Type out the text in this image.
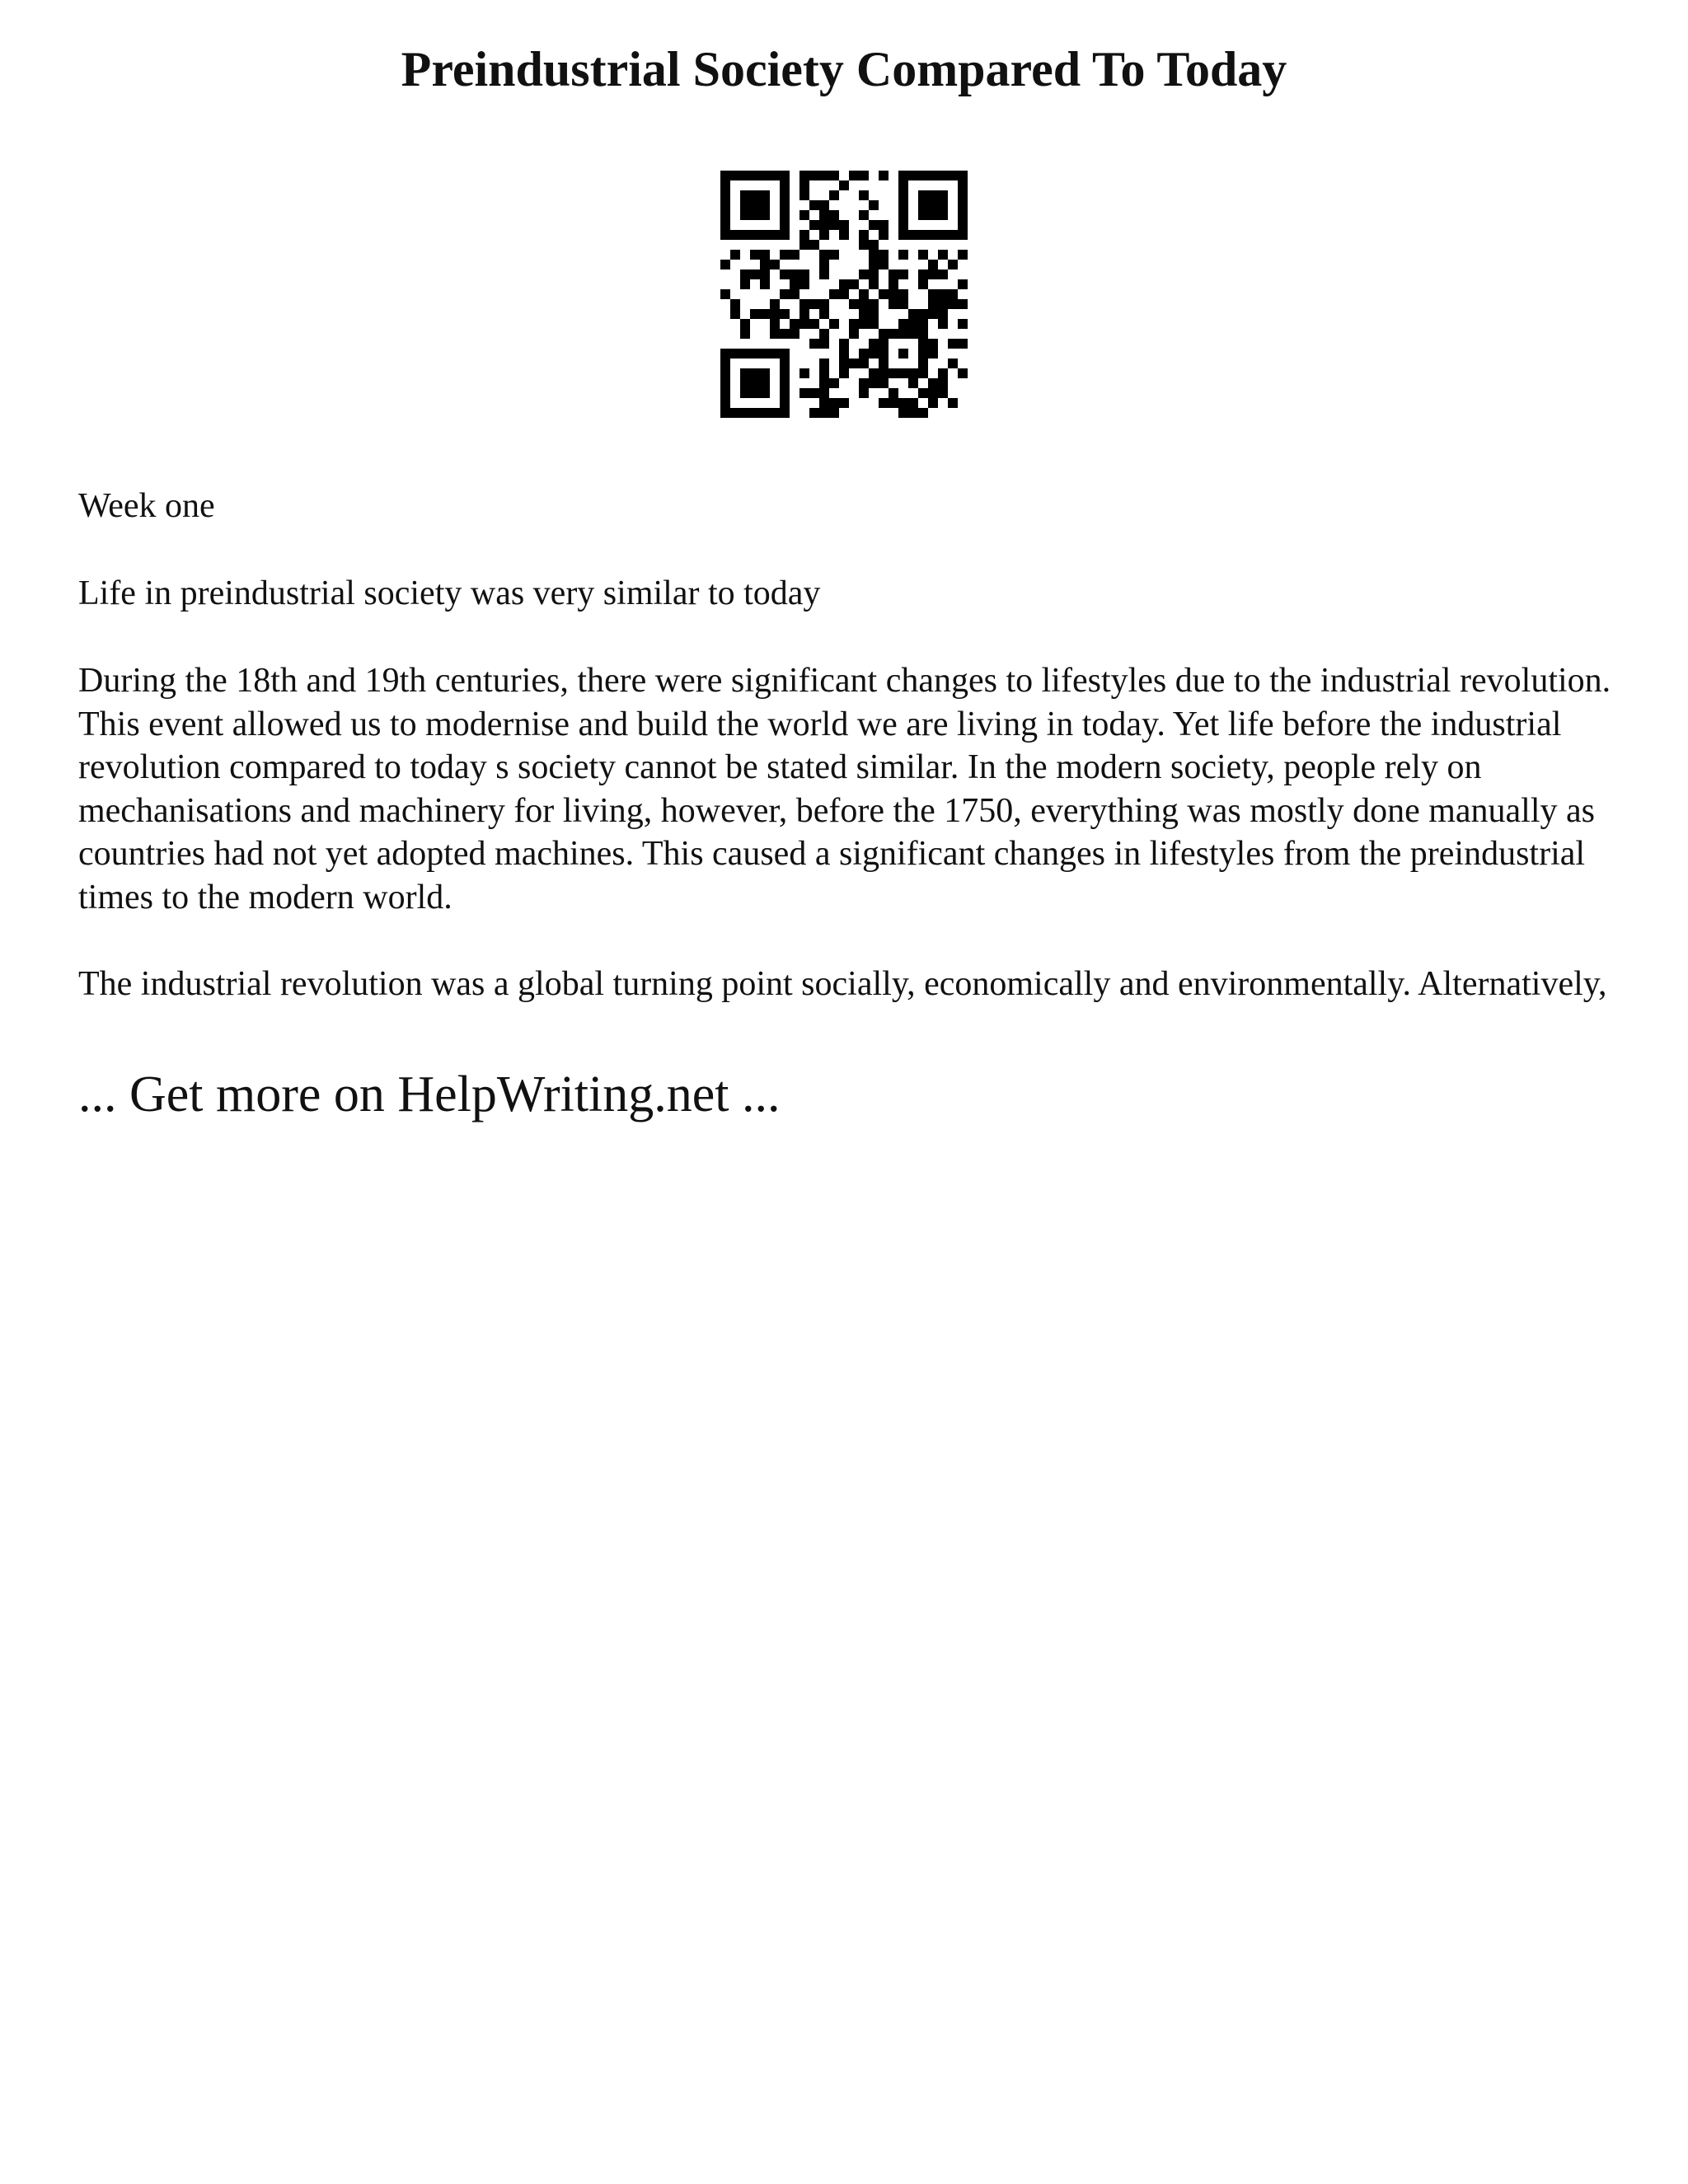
Preindustrial Society Compared To Today

Week one

Life in preindustrial society was very similar to today

During the 18th and 19th centuries, there were significant changes to lifestyles due to the industrial revolution. This event allowed us to modernise and build the world we are living in today. Yet life before the industrial revolution compared to today s society cannot be stated similar. In the modern society, people rely on mechanisations and machinery for living, however, before the 1750, everything was mostly done manually as countries had not yet adopted machines. This caused a significant changes in lifestyles from the preindustrial times to the modern world.

The industrial revolution was a global turning point socially, economically and environmentally. Alternatively,

... Get more on HelpWriting.net ...
